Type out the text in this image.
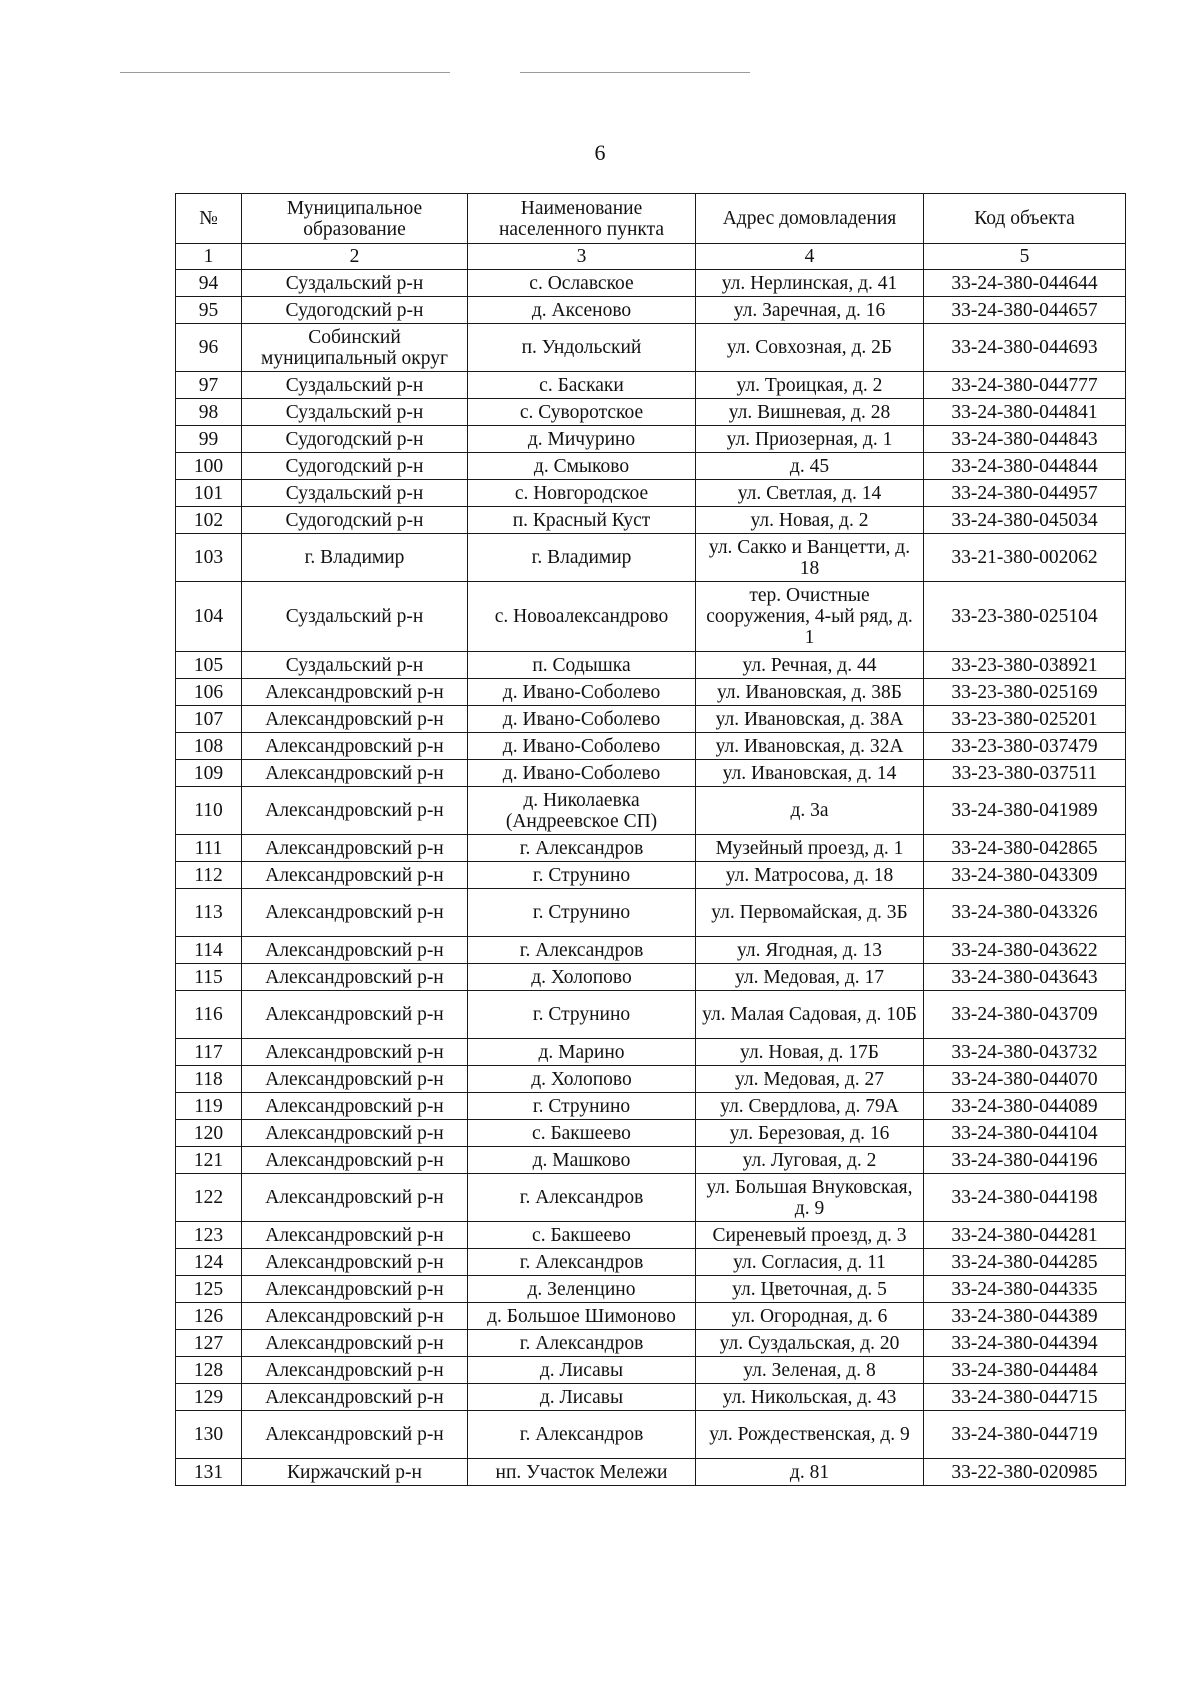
6
№	Муниципальное образование	Наименование населенного пункта	Адрес домовладения	Код объекта
1	2	3	4	5
94	Суздальский р-н	с. Ославское	ул. Нерлинская, д. 41	33-24-380-044644
95	Судогодский р-н	д. Аксеново	ул. Заречная, д. 16	33-24-380-044657
96	Собинский муниципальный округ	п. Ундольский	ул. Совхозная, д. 2Б	33-24-380-044693
97	Суздальский р-н	с. Баскаки	ул. Троицкая, д. 2	33-24-380-044777
98	Суздальский р-н	с. Суворотское	ул. Вишневая, д. 28	33-24-380-044841
99	Судогодский р-н	д. Мичурино	ул. Приозерная, д. 1	33-24-380-044843
100	Судогодский р-н	д. Смыково	д. 45	33-24-380-044844
101	Суздальский р-н	с. Новгородское	ул. Светлая, д. 14	33-24-380-044957
102	Судогодский р-н	п. Красный Куст	ул. Новая, д. 2	33-24-380-045034
103	г. Владимир	г. Владимир	ул. Сакко и Ванцетти, д. 18	33-21-380-002062
104	Суздальский р-н	с. Новоалександрово	тер. Очистные сооружения, 4-ый ряд, д. 1	33-23-380-025104
105	Суздальский р-н	п. Содышка	ул. Речная, д. 44	33-23-380-038921
106	Александровский р-н	д. Ивано-Соболево	ул. Ивановская, д. 38Б	33-23-380-025169
107	Александровский р-н	д. Ивано-Соболево	ул. Ивановская, д. 38А	33-23-380-025201
108	Александровский р-н	д. Ивано-Соболево	ул. Ивановская, д. 32А	33-23-380-037479
109	Александровский р-н	д. Ивано-Соболево	ул. Ивановская, д. 14	33-23-380-037511
110	Александровский р-н	д. Николаевка (Андреевское СП)	д. 3а	33-24-380-041989
111	Александровский р-н	г. Александров	Музейный проезд, д. 1	33-24-380-042865
112	Александровский р-н	г. Струнино	ул. Матросова, д. 18	33-24-380-043309
113	Александровский р-н	г. Струнино	ул. Первомайская, д. 3Б	33-24-380-043326
114	Александровский р-н	г. Александров	ул. Ягодная, д. 13	33-24-380-043622
115	Александровский р-н	д. Холопово	ул. Медовая, д. 17	33-24-380-043643
116	Александровский р-н	г. Струнино	ул. Малая Садовая, д. 10Б	33-24-380-043709
117	Александровский р-н	д. Марино	ул. Новая, д. 17Б	33-24-380-043732
118	Александровский р-н	д. Холопово	ул. Медовая, д. 27	33-24-380-044070
119	Александровский р-н	г. Струнино	ул. Свердлова, д. 79А	33-24-380-044089
120	Александровский р-н	с. Бакшеево	ул. Березовая, д. 16	33-24-380-044104
121	Александровский р-н	д. Машково	ул. Луговая, д. 2	33-24-380-044196
122	Александровский р-н	г. Александров	ул. Большая Внуковская, д. 9	33-24-380-044198
123	Александровский р-н	с. Бакшеево	Сиреневый проезд, д. 3	33-24-380-044281
124	Александровский р-н	г. Александров	ул. Согласия, д. 11	33-24-380-044285
125	Александровский р-н	д. Зеленцино	ул. Цветочная, д. 5	33-24-380-044335
126	Александровский р-н	д. Большое Шимоново	ул. Огородная, д. 6	33-24-380-044389
127	Александровский р-н	г. Александров	ул. Суздальская, д. 20	33-24-380-044394
128	Александровский р-н	д. Лисавы	ул. Зеленая, д. 8	33-24-380-044484
129	Александровский р-н	д. Лисавы	ул. Никольская, д. 43	33-24-380-044715
130	Александровский р-н	г. Александров	ул. Рождественская, д. 9	33-24-380-044719
131	Киржачский р-н	нп. Участок Мележи	д. 81	33-22-380-020985
